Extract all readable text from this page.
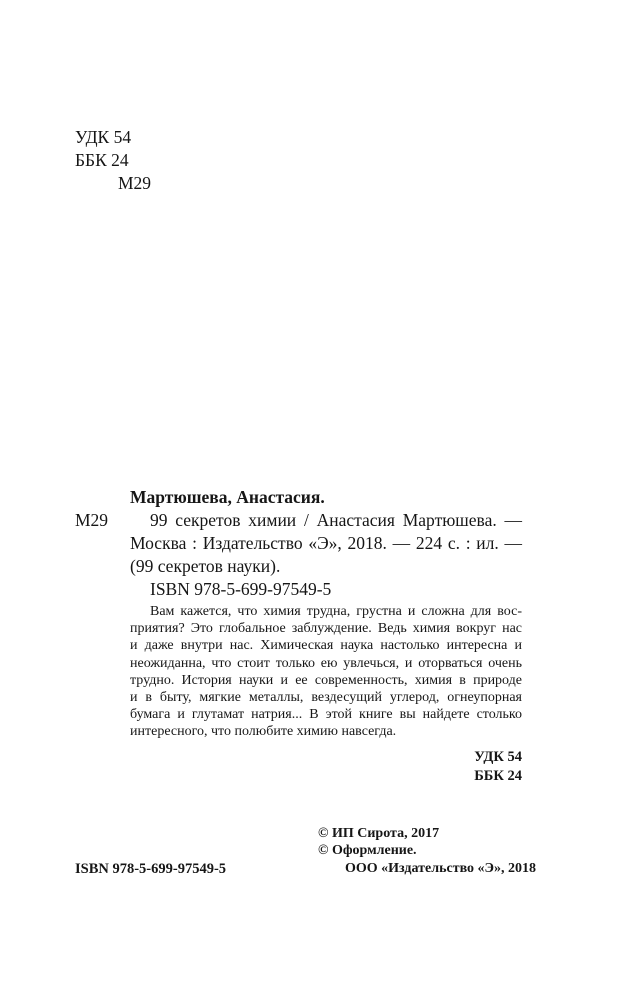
УДК 54
ББК 24
М29
Мартюшева, Анастасия.
М29 99 секретов химии / Анастасия Мартюшева. —
Москва : Издательство «Э», 2018. — 224 с. : ил. —
(99 секретов науки).
ISBN 978-5-699-97549-5
Вам кажется, что химия трудна, грустна и сложна для вос-
приятия? Это глобальное заблуждение. Ведь химия вокруг нас
и даже внутри нас. Химическая наука настолько интересна и
неожиданна, что стоит только ею увлечься, и оторваться очень
трудно. История науки и ее современность, химия в природе
и в быту, мягкие металлы, вездесущий углерод, огнеупорная
бумага и глутамат натрия... В этой книге вы найдете столько
интересного, что полюбите химию навсегда.
УДК 54
ББК 24
© ИП Сирота, 2017
© Оформление.
ООО «Издательство «Э», 2018
ISBN 978-5-699-97549-5
